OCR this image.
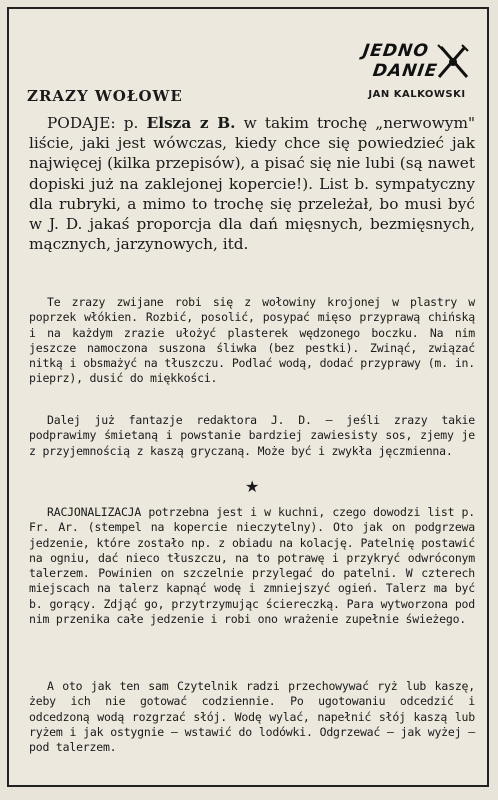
JEDNO
DANIE
JAN KALKOWSKI
ZRAZY WOŁOWE
PODAJE: p. Elsza z B. w takim trochę „nerwowym" liście, jaki jest wówczas, kiedy chce się powiedzieć jak najwięcej (kilka przepisów), a pisać się nie lubi (są nawet dopiski już na zaklejonej kopercie!). List b. sympatyczny dla rubryki, a mimo to trochę się przeleżał, bo musi być w J. D. jakaś proporcja dla dań mięsnych, bezmięsnych, mącznych, jarzynowych, itd.

Te zrazy zwijane robi się z wołowiny krojonej w plastry w poprzek włókien. Rozbić, posolić, posypać mięso przyprawą chińską i na każdym zrazie ułożyć plasterek wędzonego boczku. Na nim jeszcze namoczona suszona śliwka (bez pestki). Zwinąć, związać nitką i obsmażyć na tłuszczu. Podlać wodą, dodać przyprawy (m. in. pieprz), dusić do miękkości.

Dalej już fantazje redaktora J. D. — jeśli zrazy takie podprawimy śmietaną i powstanie bardziej zawiesisty sos, zjemy je z przyjemnością z kaszą gryczaną. Może być i zwykła jęczmienna.

★

RACJONALIZACJA potrzebna jest i w kuchni, czego dowodzi list p. Fr. Ar. (stempel na kopercie nieczytelny). Oto jak on podgrzewa jedzenie, które zostało np. z obiadu na kolację. Patelnię postawić na ogniu, dać nieco tłuszczu, na to potrawę i przykryć odwróconym talerzem. Powinien on szczelnie przylegać do patelni. W czterech miejscach na talerz kapnąć wodę i zmniejszyć ogień. Talerz ma być b. gorący. Zdjąć go, przytrzymując ściereczką. Para wytworzona pod nim przenika całe jedzenie i robi ono wrażenie zupełnie świeżego.

A oto jak ten sam Czytelnik radzi przechowywać ryż lub kaszę, żeby ich nie gotować codziennie. Po ugotowaniu odcedzić i odcedzoną wodą rozgrzać słój. Wodę wylać, napełnić słój kaszą lub ryżem i jak ostygnie — wstawić do lodówki. Odgrzewać — jak wyżej — pod talerzem.
